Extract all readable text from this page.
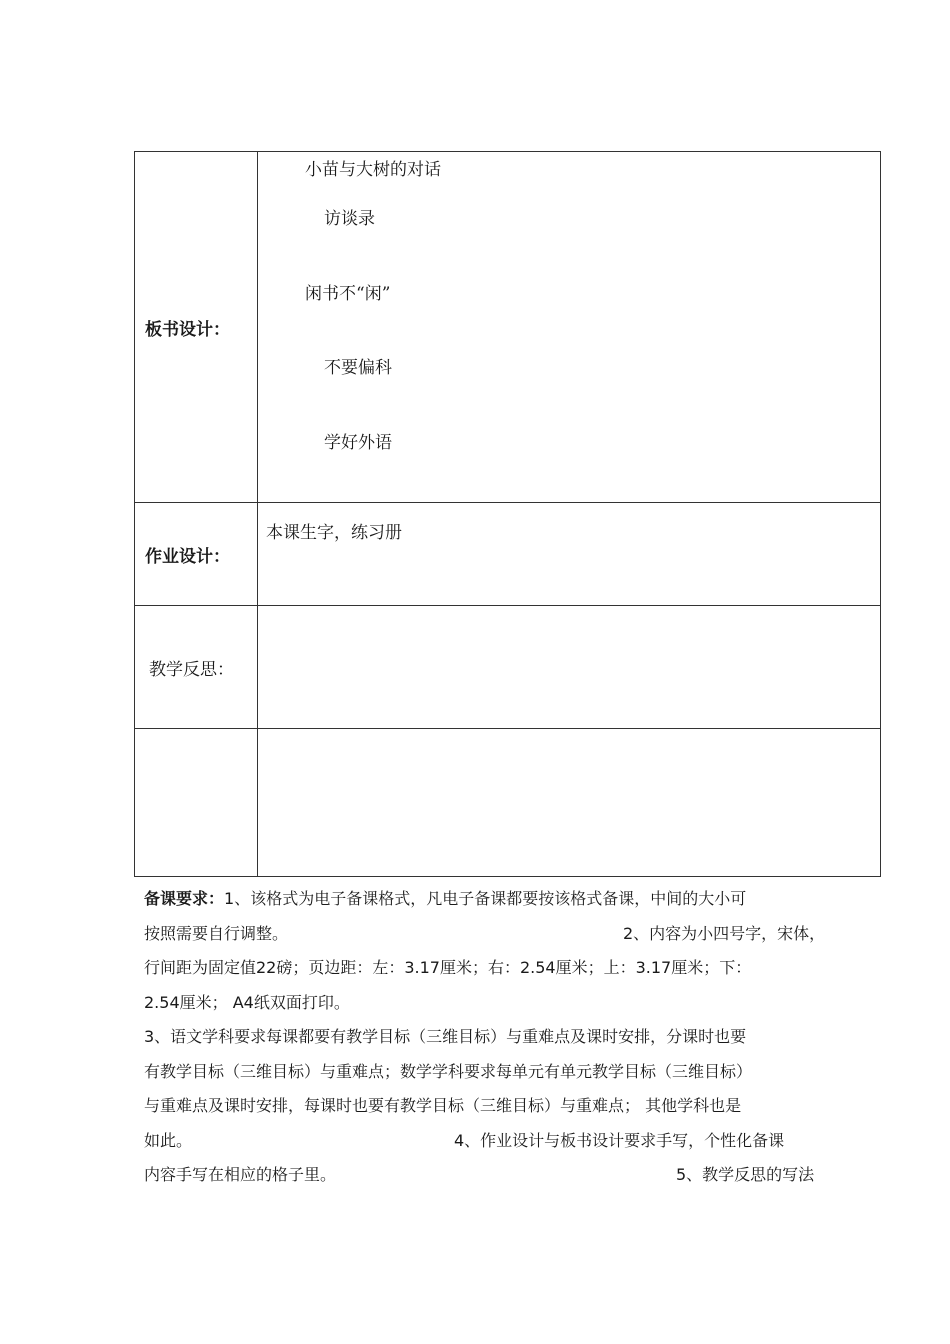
板书设计：	小苗与大树的对话
访谈录
闲书不“闲”
不要偏科
学好外语

作业设计：	本课生字，练习册

教学反思：	

备课要求：1、该格式为电子备课格式，凡电子备课都要按该格式备课，中间的大小可
按照需要自行调整。	2、内容为小四号字，宋体，
行间距为固定值22磅；页边距：左：3.17厘米；右：2.54厘米；上：3.17厘米；下：
2.54厘米； A4纸双面打印。
3、语文学科要求每课都要有教学目标（三维目标）与重难点及课时安排，分课时也要
有教学目标（三维目标）与重难点；数学学科要求每单元有单元教学目标（三维目标）
与重难点及课时安排，每课时也要有教学目标（三维目标）与重难点； 其他学科也是
如此。	4、作业设计与板书设计要求手写，个性化备课
内容手写在相应的格子里。	5、教学反思的写法
